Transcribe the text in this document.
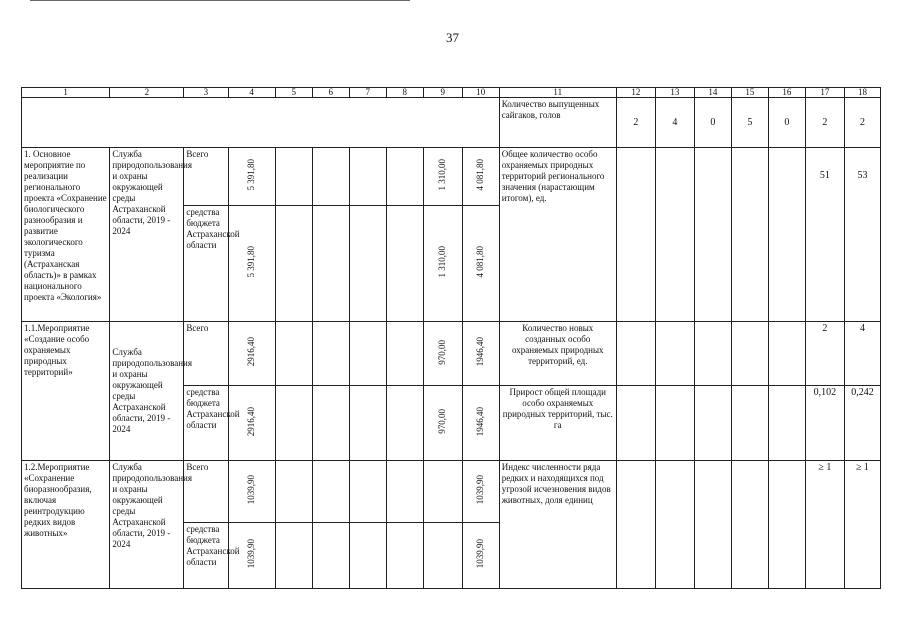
37
1	2	3	4	5	6	7	8	9	10	11	12	13	14	15	16	17	18
										Количество выпущенных сайгаков, голов	2	4	0	5	0	2	2
1. Основное мероприятие по реализации регионального проекта «Сохранение биологического разнообразия и развитие экологического туризма (Астраханская область)» в рамках национального проекта «Экология»	Служба природопользования и охраны окружающей среды Астраханской области, 2019 - 2024	Всего	5 391,80					1 310,00	4 081,80	Общее количество особо охраняемых природных территорий регионального значения (нарастающим итогом), ед.						51	53
		средства бюджета Астраханской области	5 391,80					1 310,00	4 081,80								
1.1.Мероприятие «Создание особо охраняемых природных территорий»	Служба природопользования и охраны окружающей среды Астраханской области, 2019 - 2024	Всего	2916,40					970,00	1946,40	Количество новых созданных особо охраняемых природных территорий, ед.						2	4
		средства бюджета Астраханской области	2916,40					970,00	1946,40	Прирост общей площади особо охраняемых природных территорий, тыс. га						0,102	0,242
1.2.Мероприятие «Сохранение биоразнообразия, включая реинтродукцию редких видов животных»	Служба природопользования и охраны окружающей среды Астраханской области, 2019 - 2024	Всего	1039,90						1039,90	Индекс численности ряда редких и находящихся под угрозой исчезновения видов животных, доля единиц						≥ 1	≥ 1
		средства бюджета Астраханской области	1039,90						1039,90								
